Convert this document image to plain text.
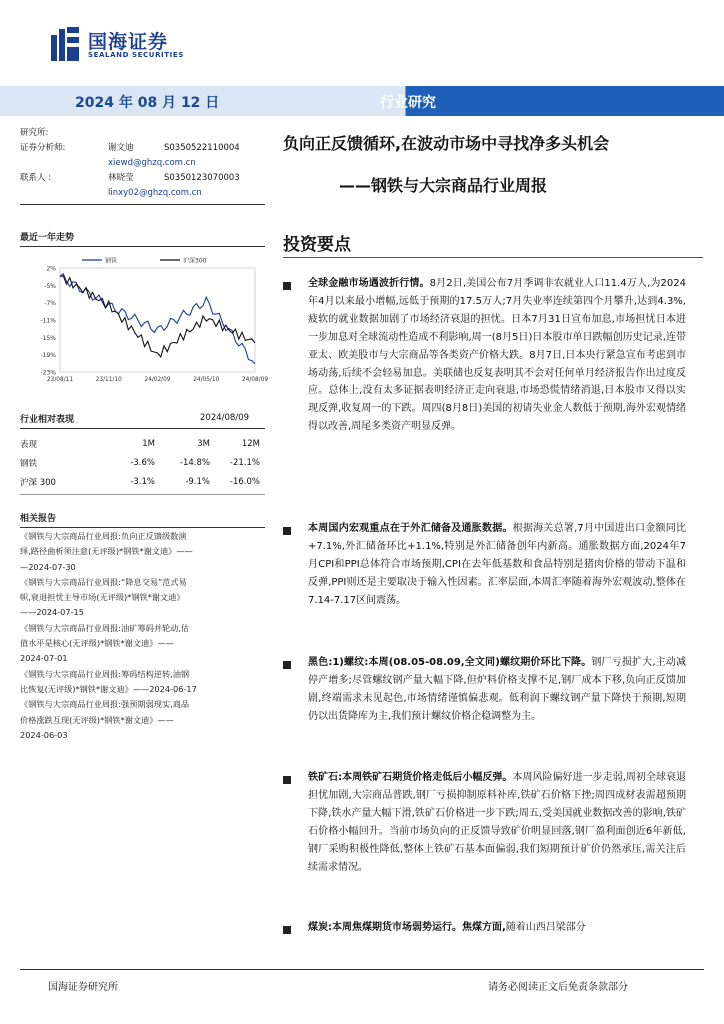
国海证券
SEALAND SECURITIES
2024 年 08 月 12 日	行业研究
研究所:
证券分析师:	谢文迪	S0350522110004
xiewd@ghzq.com.cn
联系人 :	林晓莹	S0350123070003
linxy02@ghzq.com.cn
负向正反馈循环,在波动市场中寻找净多头机会
——钢铁与大宗商品行业周报
最近一年走势
2%
-5%
-7%
-11%
-15%
-19%
-23%
23/08/11	23/11/10	24/02/09	24/05/10	24/08/09
钢铁	沪深300
行业相对表现	2024/08/09
表现	1M	3M	12M
钢铁	-3.6%	-14.8%	-21.1%
沪深 300	-3.1%	-9.1%	-16.0%
相关报告
《钢铁与大宗商品行业周报:负向正反馈级数演
绎,路径曲析须注意(无评级)*钢铁*谢文迪》——
—2024-07-30
《钢铁与大宗商品行业周报:“降息交易”范式易
帜,衰退担忧主导市场(无评级)*钢铁*谢文迪》
——2024-07-15
《钢铁与大宗商品行业周报:油矿筹码并轮动,估
值水平是核心(无评级)*钢铁*谢文迪》——
2024-07-01
《钢铁与大宗商品行业周报:筹码结构逆转,油钢
比恢复(无评级)*钢铁*谢文迪》——2024-06-17
《钢铁与大宗商品行业周报:强预期弱现实,商品
价格涨跌互现(无评级)*钢铁*谢文迪》——
2024-06-03
投资要点
全球金融市场遇波折行情。8月2日,美国公布7月季调非农就业人口11.4万人,为2024年4月以来最小增幅,远低于预期的17.5万人;7月失业率连续第四个月攀升,达到4.3%,疲软的就业数据加剧了市场经济衰退的担忧。日本7月31日宣布加息,市场担忧日本进一步加息对全球流动性造成不利影响,周一(8月5日)日本股市单日跌幅创历史记录,连带亚太、欧美股市与大宗商品等各类资产价格大跌。8月7日,日本央行紧急宣布考虑到市场动荡,后续不会轻易加息。美联储也反复表明其不会对任何单月经济报告作出过度反应。总体上,没有太多证据表明经济正走向衰退,市场恐慌情绪消退,日本股市又得以实现反弹,收复周一的下跌。周四(8月8日)美国的初请失业金人数低于预期,海外宏观情绪得以改善,周尾多类资产明显反弹。
本周国内宏观重点在于外汇储备及通胀数据。根据海关总署,7月中国进出口金额同比+7.1%,外汇储备环比+1.1%,特别是外汇储备创年内新高。通胀数据方面,2024年7月CPI和PPI总体符合市场预期,CPI在去年低基数和食品特别是猪肉价格的带动下温和反弹,PPI则还是主要取决于输入性因素。汇率层面,本周汇率随着海外宏观波动,整体在7.14-7.17区间震荡。
黑色:1)螺纹:本周(08.05-08.09,全文同)螺纹期价环比下降。钢厂亏损扩大,主动减停产增多;尽管螺纹钢产量大幅下降,但炉料价格支撑不足,钢厂成本下移,负向正反馈加剧,终端需求未见起色,市场情绪谨慎偏悲观。低利润下螺纹钢产量下降快于预期,短期仍以出货降库为主,我们预计螺纹价格企稳调整为主。
铁矿石:本周铁矿石期货价格走低后小幅反弹。本周风险偏好进一步走弱,周初全球衰退担忧加剧,大宗商品普跌,钢厂亏损抑制原料补库,铁矿石价格下挫;周四成材表需超预期下降,铁水产量大幅下滑,铁矿石价格进一步下跌;周五,受美国就业数据改善的影响,铁矿石价格小幅回升。当前市场负向的正反馈导致矿价明显回落,钢厂盈利面创近6年新低,钢厂采购积极性降低,整体上铁矿石基本面偏弱,我们短期预计矿价仍然承压,需关注后续需求情况。
煤炭:本周焦煤期货市场弱势运行。焦煤方面,随着山西吕梁部分
国海证券研究所	请务必阅读正文后免责条款部分
